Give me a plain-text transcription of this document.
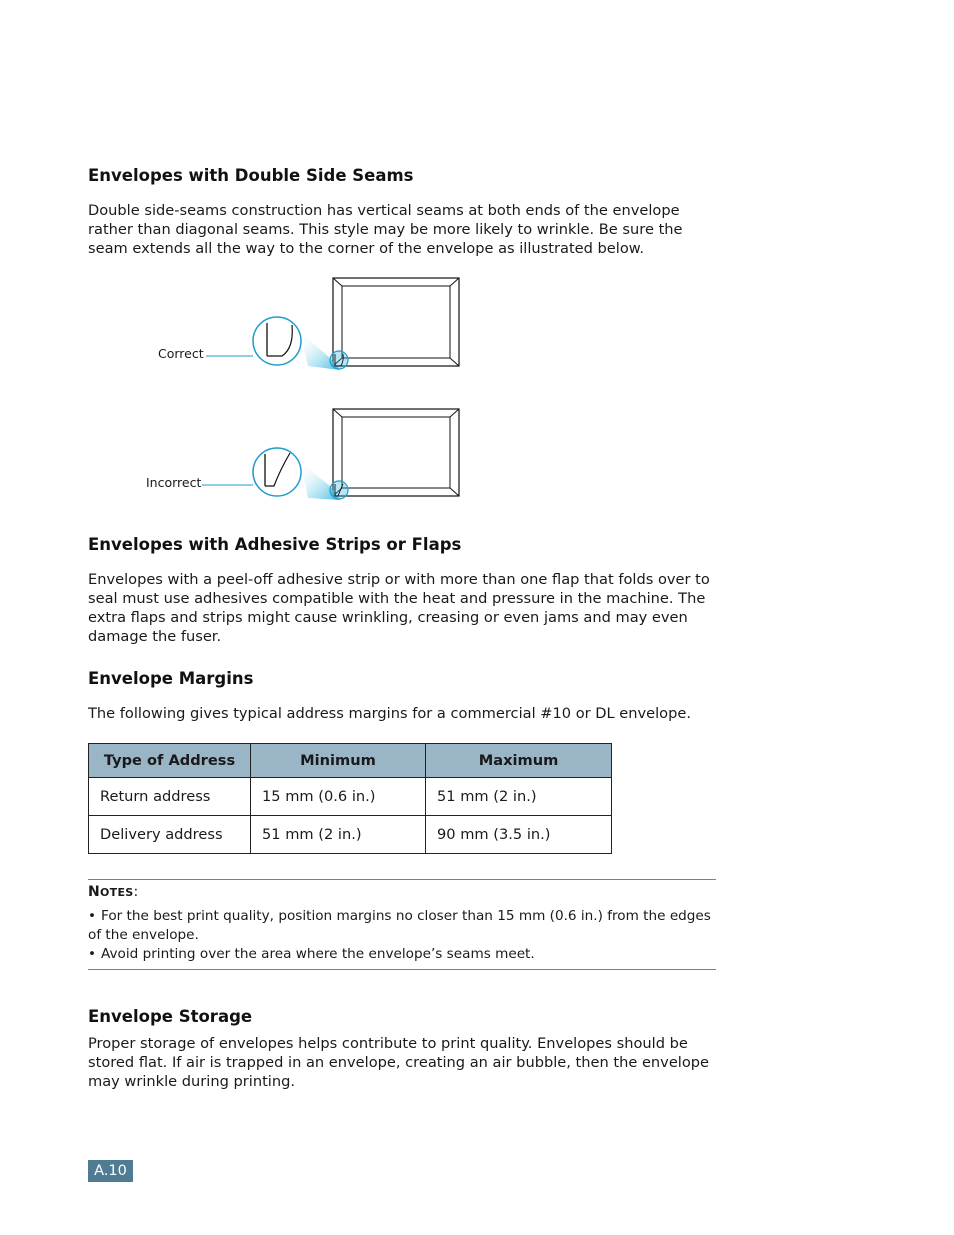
Envelopes with Double Side Seams

Double side-seams construction has vertical seams at both ends of the envelope rather than diagonal seams. This style may be more likely to wrinkle. Be sure the seam extends all the way to the corner of the envelope as illustrated below.

Correct
Incorrect
Envelopes with Adhesive Strips or Flaps

Envelopes with a peel-off adhesive strip or with more than one flap that folds over to seal must use adhesives compatible with the heat and pressure in the machine. The extra flaps and strips might cause wrinkling, creasing or even jams and may even damage the fuser.

Envelope Margins

The following gives typical address margins for a commercial #10 or DL envelope.

Type of Address	Minimum	Maximum
Return address	15 mm (0.6 in.)	51 mm (2 in.)
Delivery address	51 mm (2 in.)	90 mm (3.5 in.)
NOTES:
• For the best print quality, position margins no closer than 15 mm (0.6 in.) from the edges of the envelope.
• Avoid printing over the area where the envelope’s seams meet.
Envelope Storage

Proper storage of envelopes helps contribute to print quality. Envelopes should be stored flat. If air is trapped in an envelope, creating an air bubble, then the envelope may wrinkle during printing.

A.10
